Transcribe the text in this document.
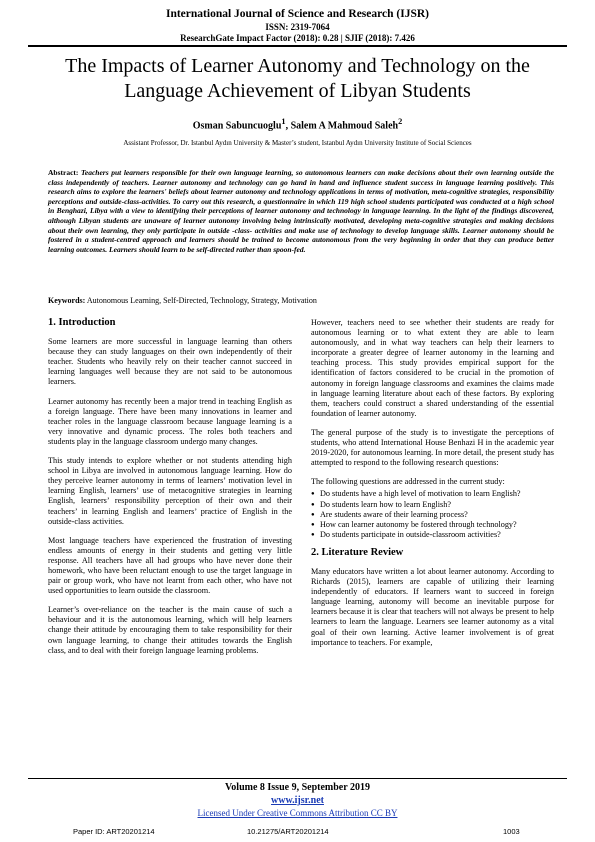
International Journal of Science and Research (IJSR)
ISSN: 2319-7064
ResearchGate Impact Factor (2018): 0.28 | SJIF (2018): 7.426
The Impacts of Learner Autonomy and Technology on the Language Achievement of Libyan Students
Osman Sabuncuoglu$^1$, Salem A Mahmoud Saleh$^2$
Assistant Professor, Dr. Istanbul Aydın University & Master’s student, Istanbul Aydın University Institute of Social Sciences
Abstract: Teachers put learners responsible for their own language learning, so autonomous learners can make decisions about their own learning outside the class independently of teachers. Learner autonomy and technology can go hand in hand and influence student success in language learning positively. This research aims to explore the learners' beliefs about learner autonomy and technology applications in terms of motivation, meta-cognitive strategies, responsibility perceptions and outside-class-activities. To carry out this research, a questionnaire in which 119 high school students participated was conducted at a high school in Benghazi, Libya with a view to identifying their perceptions of learner autonomy and technology in language learning. In the light of the findings discovered, although Libyan students are unaware of learner autonomy involving being intrinsically motivated, developing meta-cognitive strategies and making decisions about their own learning, they only participate in outside -class- activities and make use of technology to develop language skills. Learner autonomy should be fostered in a student-centred approach and learners should be trained to become autonomous from the very beginning in order that they can produce better learning outcomes. Learners should learn to be self-directed rather than spoon-fed.
Keywords: Autonomous Learning, Self-Directed, Technology, Strategy, Motivation
1. Introduction

Some learners are more successful in language learning than others because they can study languages on their own independently of their teacher. Students who heavily rely on their teacher cannot succeed in learning languages well because they are not said to be autonomous learners.

Learner autonomy has recently been a major trend in teaching English as a foreign language. There have been many innovations in learner and teacher roles in the language classroom because language learning is a very innovative and dynamic process. The roles both teachers and students play in the language classroom undergo many changes.

This study intends to explore whether or not students attending high school in Libya are involved in autonomous language learning. How do they perceive learner autonomy in terms of learners’ motivation level in learning English, learners’ use of metacognitive strategies in learning English, learners’ responsibility perception of their own and their teachers’ in learning English and learners’ practice of English in the outside-class activities.

Most language teachers have experienced the frustration of investing endless amounts of energy in their students and getting very little response. All teachers have all had groups who have never done their homework, who have been reluctant enough to use the target language in pair or group work, who have not learnt from each other, who have not used opportunities to learn outside the classroom.

Learner’s over-reliance on the teacher is the main cause of such a behaviour and it is the autonomous learning, which will help learners change their attitude by encouraging them to take responsibility for their own language learning, to change their attitudes towards the English class, and to deal with their foreign language learning problems.

However, teachers need to see whether their students are ready for autonomous learning or to what extent they are able to learn autonomously, and in what way teachers can help their learners to incorporate a greater degree of learner autonomy in the learning and teaching process. This study provides empirical support for the identification of factors considered to be crucial in the promotion of autonomy in foreign language classrooms and examines the claims made in language learning literature about each of these factors. By exploring them, teachers could construct a shared understanding of the essential foundation of learner autonomy.

The general purpose of the study is to investigate the perceptions of students, who attend International House Benhazi H in the academic year 2019-2020, for autonomous learning. In more detail, the present study has attempted to respond to the following research questions:

The following questions are addressed in the current study:

● Do students have a high level of motivation to learn English?
● Do students learn how to learn English?
● Are students aware of their learning process?
● How can learner autonomy be fostered through technology?
● Do students participate in outside-classroom activities?
2. Literature Review

Many educators have written a lot about learner autonomy. According to Richards (2015), learners are capable of utilizing their learning independently of educators. If learners want to succeed in foreign language learning, autonomy will become an inevitable purpose for learners because it is clear that teachers will not always be present to help learners to learn the language. Learners see learner autonomy as a vital goal of their own learning. Active learner involvement is of great importance to teachers. For example,

Volume 8 Issue 9, September 2019
www.ijsr.net
Licensed Under Creative Commons Attribution CC BY
Paper ID: ART20201214	10.21275/ART20201214	1003
